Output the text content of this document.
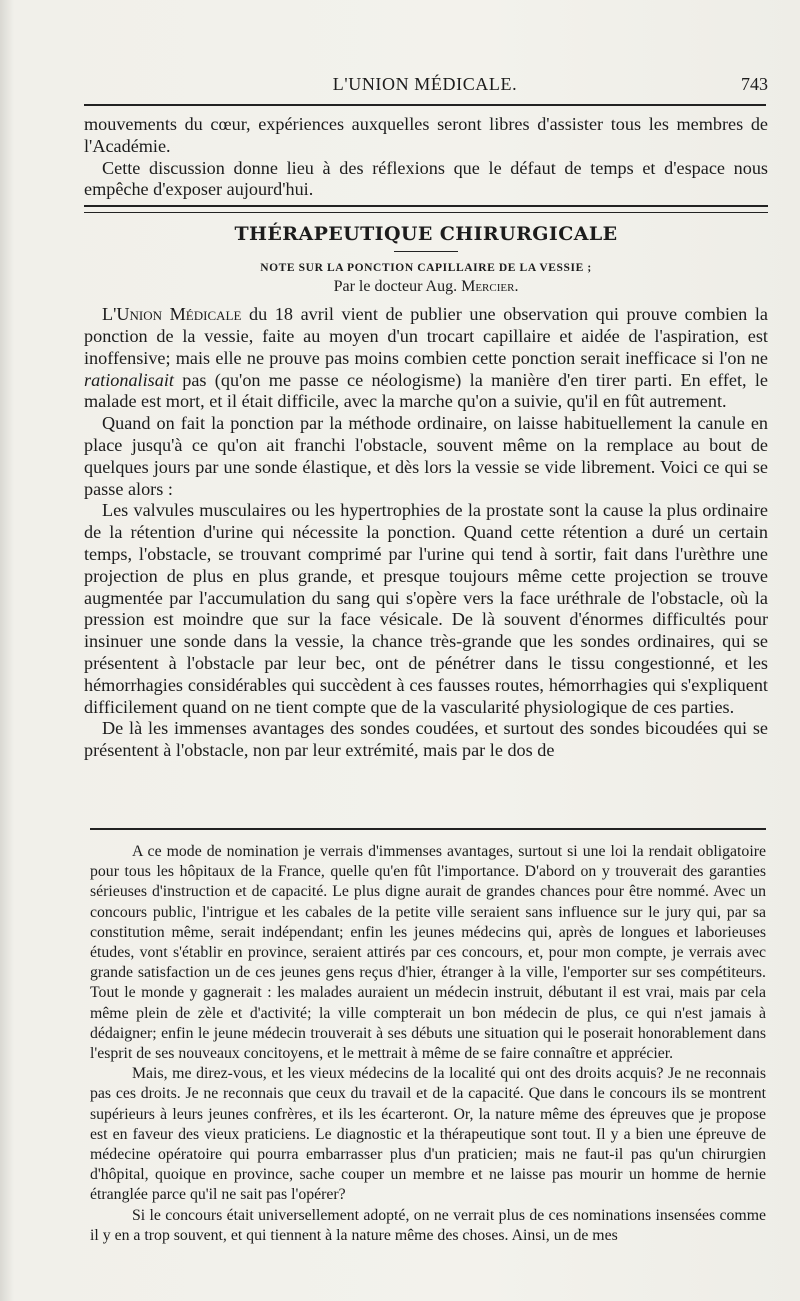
L'UNION MÉDICALE.	743

mouvements du cœur, expériences auxquelles seront libres d'assister tous les membres de l'Académie.

Cette discussion donne lieu à des réflexions que le défaut de temps et d'espace nous empêche d'exposer aujourd'hui.

THÉRAPEUTIQUE CHIRURGICALE
NOTE SUR LA PONCTION CAPILLAIRE DE LA VESSIE ;
Par le docteur Aug. Mercier.

L'Union Médicale du 18 avril vient de publier une observation qui prouve combien la ponction de la vessie, faite au moyen d'un trocart capillaire et aidée de l'aspiration, est inoffensive; mais elle ne prouve pas moins combien cette ponction serait inefficace si l'on ne rationalisait pas (qu'on me passe ce néologisme) la manière d'en tirer parti. En effet, le malade est mort, et il était difficile, avec la marche qu'on a suivie, qu'il en fût autrement.

Quand on fait la ponction par la méthode ordinaire, on laisse habituellement la canule en place jusqu'à ce qu'on ait franchi l'obstacle, souvent même on la remplace au bout de quelques jours par une sonde élastique, et dès lors la vessie se vide librement. Voici ce qui se passe alors :

Les valvules musculaires ou les hypertrophies de la prostate sont la cause la plus ordinaire de la rétention d'urine qui nécessite la ponction. Quand cette rétention a duré un certain temps, l'obstacle, se trouvant comprimé par l'urine qui tend à sortir, fait dans l'urèthre une projection de plus en plus grande, et presque toujours même cette projection se trouve augmentée par l'accumulation du sang qui s'opère vers la face uréthrale de l'obstacle, où la pression est moindre que sur la face vésicale. De là souvent d'énormes difficultés pour insinuer une sonde dans la vessie, la chance très-grande que les sondes ordinaires, qui se présentent à l'obstacle par leur bec, ont de pénétrer dans le tissu congestionné, et les hémorrhagies considérables qui succèdent à ces fausses routes, hémorrhagies qui s'expliquent difficilement quand on ne tient compte que de la vascularité physiologique de ces parties.

De là les immenses avantages des sondes coudées, et surtout des sondes bicoudées qui se présentent à l'obstacle, non par leur extrémité, mais par le dos de

A ce mode de nomination je verrais d'immenses avantages, surtout si une loi la rendait obligatoire pour tous les hôpitaux de la France, quelle qu'en fût l'importance. D'abord on y trouverait des garanties sérieuses d'instruction et de capacité. Le plus digne aurait de grandes chances pour être nommé. Avec un concours public, l'intrigue et les cabales de la petite ville seraient sans influence sur le jury qui, par sa constitution même, serait indépendant; enfin les jeunes médecins qui, après de longues et laborieuses études, vont s'établir en province, seraient attirés par ces concours, et, pour mon compte, je verrais avec grande satisfaction un de ces jeunes gens reçus d'hier, étranger à la ville, l'emporter sur ses compétiteurs. Tout le monde y gagnerait : les malades auraient un médecin instruit, débutant il est vrai, mais par cela même plein de zèle et d'activité; la ville compterait un bon médecin de plus, ce qui n'est jamais à dédaigner; enfin le jeune médecin trouverait à ses débuts une situation qui le poserait honorablement dans l'esprit de ses nouveaux concitoyens, et le mettrait à même de se faire connaître et apprécier.

Mais, me direz-vous, et les vieux médecins de la localité qui ont des droits acquis? Je ne reconnais pas ces droits. Je ne reconnais que ceux du travail et de la capacité. Que dans le concours ils se montrent supérieurs à leurs jeunes confrères, et ils les écarteront. Or, la nature même des épreuves que je propose est en faveur des vieux praticiens. Le diagnostic et la thérapeutique sont tout. Il y a bien une épreuve de médecine opératoire qui pourra embarrasser plus d'un praticien; mais ne faut-il pas qu'un chirurgien d'hôpital, quoique en province, sache couper un membre et ne laisse pas mourir un homme de hernie étranglée parce qu'il ne sait pas l'opérer?

Si le concours était universellement adopté, on ne verrait plus de ces nominations insensées comme il y en a trop souvent, et qui tiennent à la nature même des choses. Ainsi, un de mes
